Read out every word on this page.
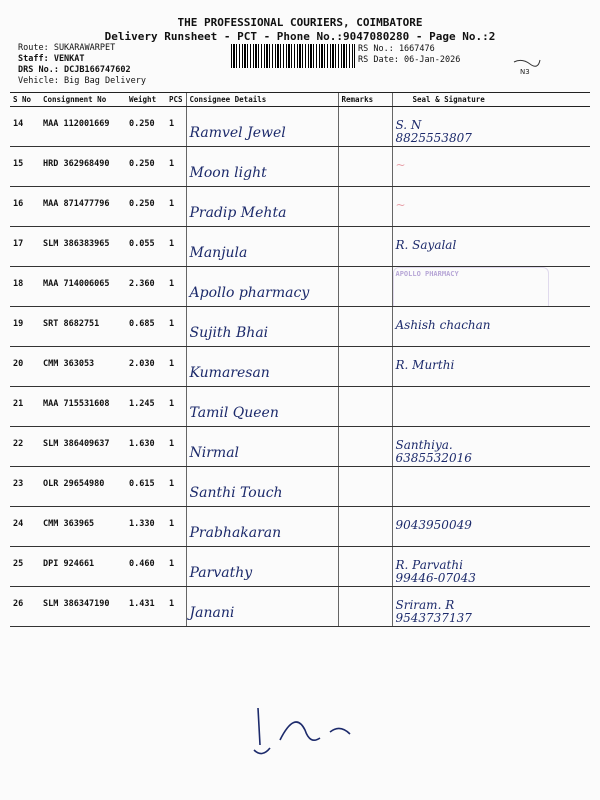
THE PROFESSIONAL COURIERS, COIMBATORE
Delivery Runsheet - PCT - Phone No.:9047080280 - Page No.:2
Route: SUKARAWARPET
Staff: VENKAT
DRS No.: DCJB166747602
Vehicle: Big Bag Delivery
RS No.: 1667476
RS Date: 06-Jan-2026
N3
S No	Consignment No	Weight	PCS	Consignee Details	Remarks	Seal & Signature
14	MAA 112001669	0.250	1	Ramvel Jewel		S. N
8825553807

15	HRD 362968490	0.250	1	Moon light		~

16	MAA 871477796	0.250	1	Pradip Mehta		~

17	SLM 386383965	0.055	1	Manjula		R. Sayalal

18	MAA 714006065	2.360	1	Apollo pharmacy		APOLLO PHARMACY

19	SRT 8682751	0.685	1	Sujith Bhai		Ashish chachan

20	CMM 363053	2.030	1	Kumaresan		R. Murthi

21	MAA 715531608	1.245	1	Tamil Queen		

22	SLM 386409637	1.630	1	Nirmal		Santhiya.
6385532016

23	OLR 29654980	0.615	1	Santhi Touch		

24	CMM 363965	1.330	1	Prabhakaran		9043950049

25	DPI 924661	0.460	1	Parvathy		R. Parvathi
99446-07043

26	SLM 386347190	1.431	1	Janani		Sriram. R
9543737137
